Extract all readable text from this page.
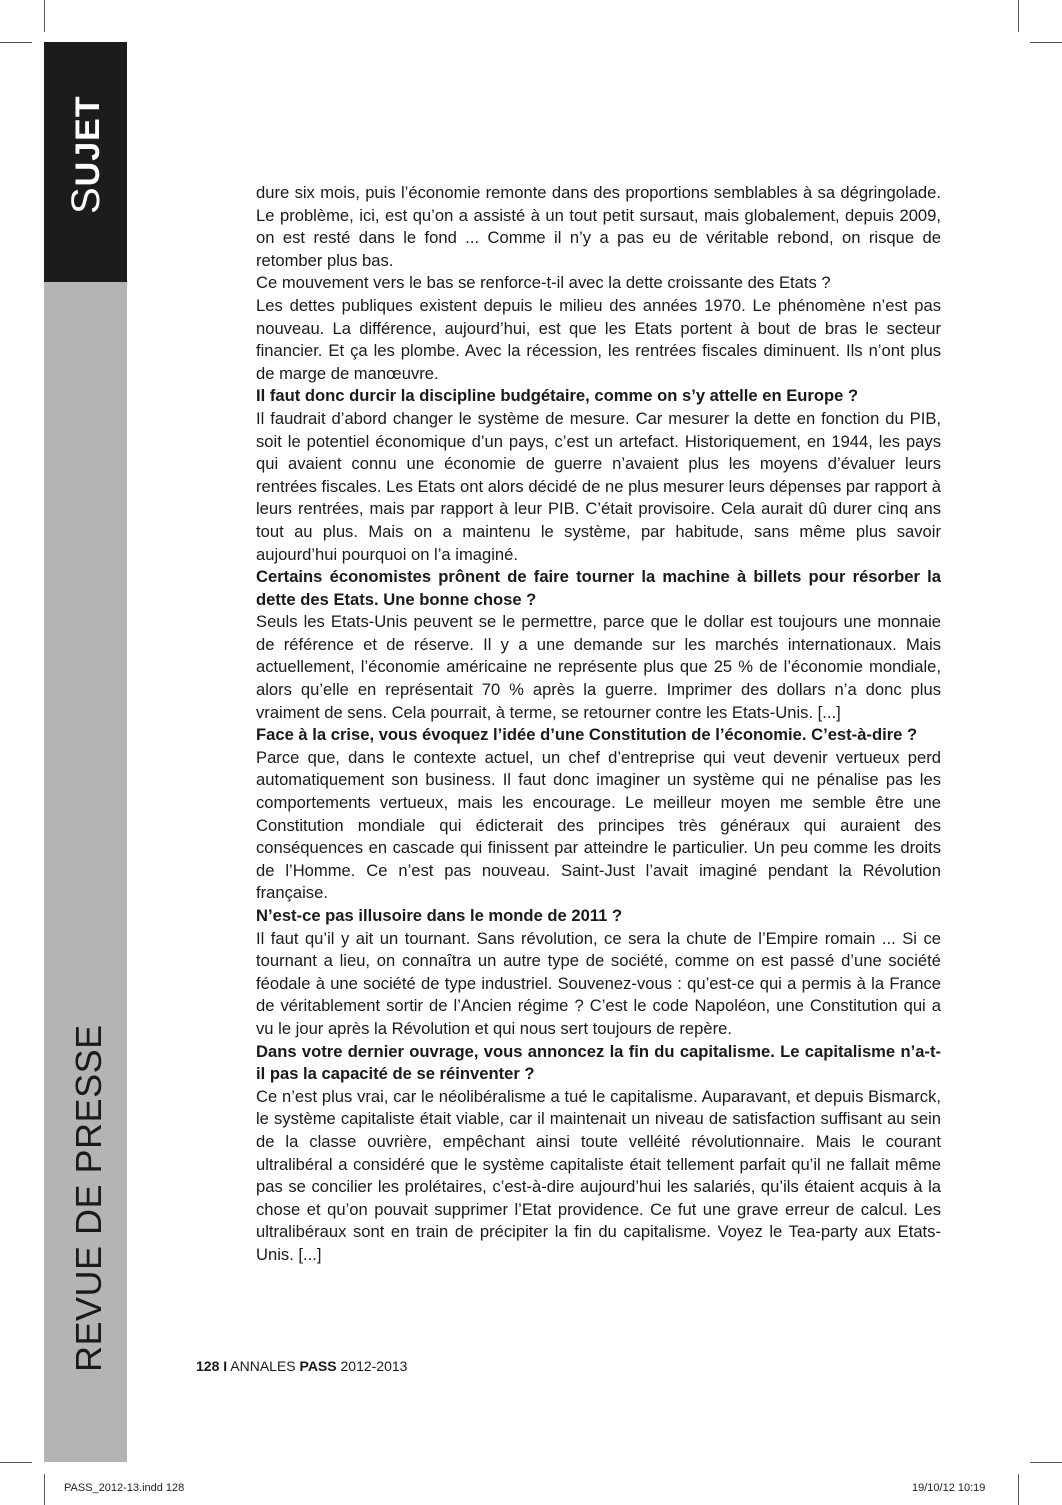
SUJET
REVUE DE PRESSE

dure six mois, puis l’économie remonte dans des proportions semblables à sa dégringolade. Le problème, ici, est qu’on a assisté à un tout petit sursaut, mais globalement, depuis 2009, on est resté dans le fond ... Comme il n’y a pas eu de véritable rebond, on risque de retomber plus bas.

Ce mouvement vers le bas se renforce-t-il avec la dette croissante des Etats ?

Les dettes publiques existent depuis le milieu des années 1970. Le phénomène n’est pas nouveau. La différence, aujourd’hui, est que les Etats portent à bout de bras le secteur financier. Et ça les plombe. Avec la récession, les rentrées fiscales diminuent. Ils n’ont plus de marge de manœuvre.

Il faut donc durcir la discipline budgétaire, comme on s’y attelle en Europe ?

Il faudrait d’abord changer le système de mesure. Car mesurer la dette en fonction du PIB, soit le potentiel économique d’un pays, c’est un artefact. Historiquement, en 1944, les pays qui avaient connu une économie de guerre n’avaient plus les moyens d’évaluer leurs rentrées fiscales. Les Etats ont alors décidé de ne plus mesurer leurs dépenses par rapport à leurs rentrées, mais par rapport à leur PIB. C’était provisoire. Cela aurait dû durer cinq ans tout au plus. Mais on a maintenu le système, par habitude, sans même plus savoir aujourd’hui pourquoi on l’a imaginé.

Certains économistes prônent de faire tourner la machine à billets pour résorber la dette des Etats. Une bonne chose ?

Seuls les Etats-Unis peuvent se le permettre, parce que le dollar est toujours une monnaie de référence et de réserve. Il y a une demande sur les marchés internationaux. Mais actuellement, l’économie américaine ne représente plus que 25 % de l’économie mondiale, alors qu’elle en représentait 70 % après la guerre. Imprimer des dollars n’a donc plus vraiment de sens. Cela pourrait, à terme, se retourner contre les Etats-Unis. [...]

Face à la crise, vous évoquez l’idée d’une Constitution de l’économie. C’est-à-dire ?

Parce que, dans le contexte actuel, un chef d’entreprise qui veut devenir vertueux perd automatiquement son business. Il faut donc imaginer un système qui ne pénalise pas les comportements vertueux, mais les encourage. Le meilleur moyen me semble être une Constitution mondiale qui édicterait des principes très généraux qui auraient des conséquences en cascade qui finissent par atteindre le particulier. Un peu comme les droits de l’Homme. Ce n’est pas nouveau. Saint-Just l’avait imaginé pendant la Révolution française.

N’est-ce pas illusoire dans le monde de 2011 ?

Il faut qu’il y ait un tournant. Sans révolution, ce sera la chute de l’Empire romain ... Si ce tournant a lieu, on connaîtra un autre type de société, comme on est passé d’une société féodale à une société de type industriel. Souvenez-vous : qu’est-ce qui a permis à la France de véritablement sortir de l’Ancien régime ? C’est le code Napoléon, une Constitution qui a vu le jour après la Révolution et qui nous sert toujours de repère.

Dans votre dernier ouvrage, vous annoncez la fin du capitalisme. Le capitalisme n’a-t-il pas la capacité de se réinventer ?

Ce n’est plus vrai, car le néolibéralisme a tué le capitalisme. Auparavant, et depuis Bismarck, le système capitaliste était viable, car il maintenait un niveau de satisfaction suffisant au sein de la classe ouvrière, empêchant ainsi toute velléité révolutionnaire. Mais le courant ultralibéral a considéré que le système capitaliste était tellement parfait qu’il ne fallait même pas se concilier les prolétaires, c’est-à-dire aujourd’hui les salariés, qu’ils étaient acquis à la chose et qu’on pouvait supprimer l’Etat providence. Ce fut une grave erreur de calcul. Les ultralibéraux sont en train de précipiter la fin du capitalisme. Voyez le Tea-party aux Etats-Unis. [...]

128 I ANNALES PASS 2012-2013
PASS_2012-13.indd 128	19/10/12 10:19
